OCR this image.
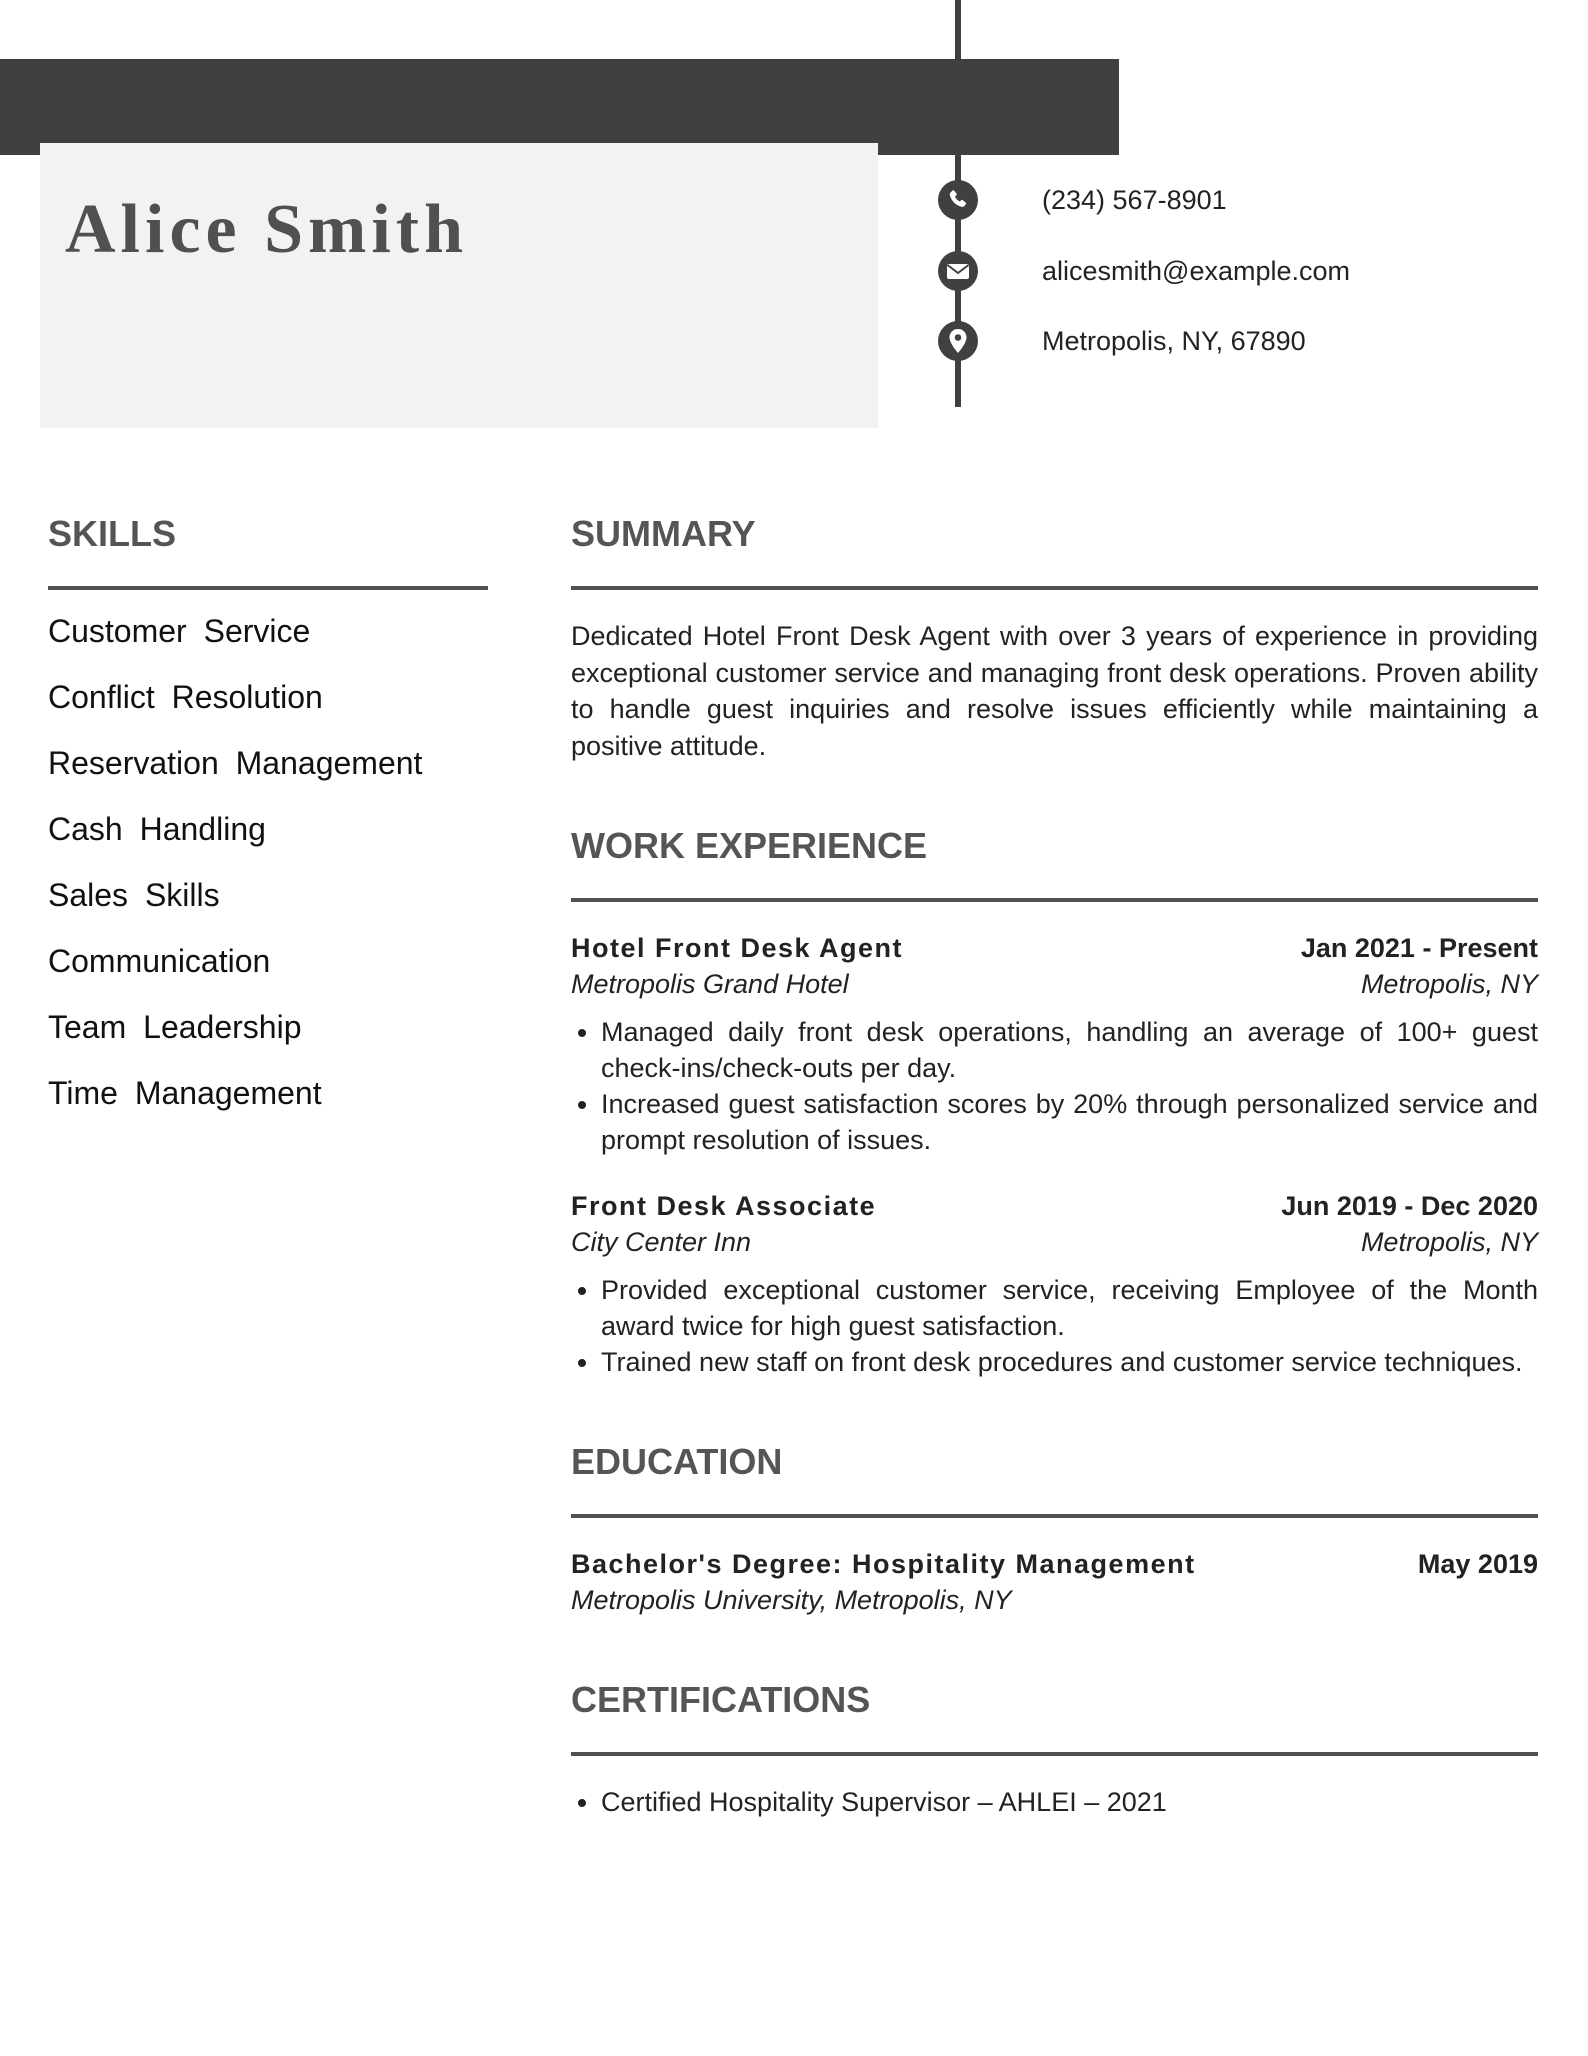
Alice Smith	(234) 567-8901
alicesmith@example.com
Metropolis, NY, 67890
SKILLS
Customer Service
Conflict Resolution
Reservation Management
Cash Handling
Sales Skills
Communication
Team Leadership
Time Management
SUMMARY

Dedicated Hotel Front Desk Agent with over 3 years of experience in providing exceptional customer service and managing front desk operations. Proven ability to handle guest inquiries and resolve issues efficiently while maintaining a positive attitude.

WORK EXPERIENCE
Hotel Front Desk Agent	Jan 2021 - Present
Metropolis Grand Hotel	Metropolis, NY
• Managed daily front desk operations, handling an average of 100+ guest check-ins/check-outs per day.
• Increased guest satisfaction scores by 20% through personalized service and prompt resolution of issues.
Front Desk Associate	Jun 2019 - Dec 2020
City Center Inn	Metropolis, NY
• Provided exceptional customer service, receiving Employee of the Month award twice for high guest satisfaction.
• Trained new staff on front desk procedures and customer service techniques.
EDUCATION
Bachelor's Degree: Hospitality Management	May 2019
Metropolis University, Metropolis, NY
CERTIFICATIONS
• Certified Hospitality Supervisor – AHLEI – 2021
